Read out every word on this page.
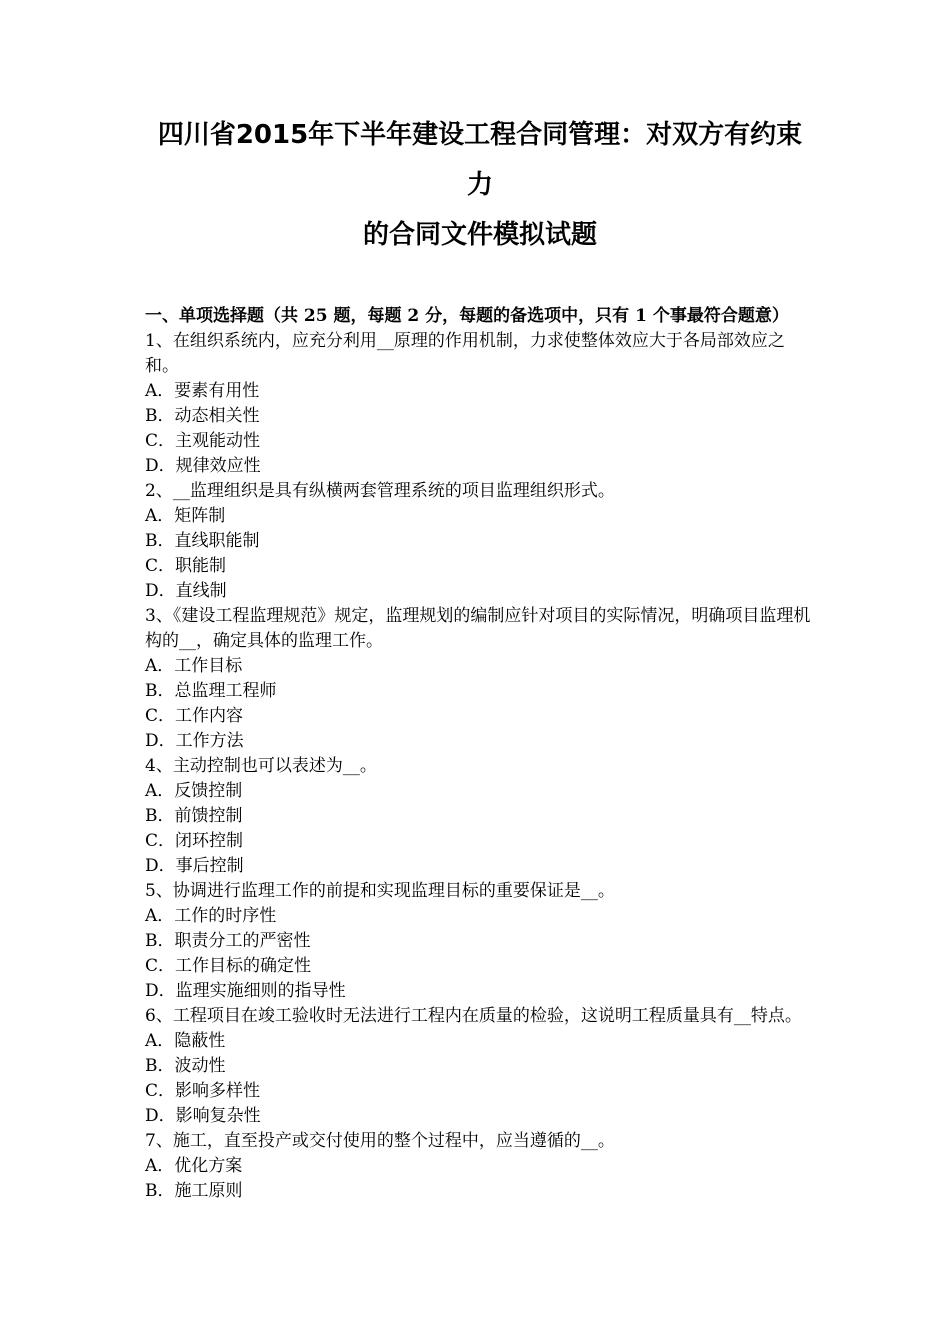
四川省2015年下半年建设工程合同管理：对双方有约束力
的合同文件模拟试题
一、单项选择题（共 25 题，每题 2 分，每题的备选项中，只有 1 个事最符合题意）
1、在组织系统内，应充分利用__原理的作用机制，力求使整体效应大于各局部效应之和。
A．要素有用性
B．动态相关性
C．主观能动性
D．规律效应性
2、__监理组织是具有纵横两套管理系统的项目监理组织形式。
A．矩阵制
B．直线职能制
C．职能制
D．直线制
3、《建设工程监理规范》规定，监理规划的编制应针对项目的实际情况，明确项目监理机构的__，确定具体的监理工作。
A．工作目标
B．总监理工程师
C．工作内容
D．工作方法
4、主动控制也可以表述为__。
A．反馈控制
B．前馈控制
C．闭环控制
D．事后控制
5、协调进行监理工作的前提和实现监理目标的重要保证是__。
A．工作的时序性
B．职责分工的严密性
C．工作目标的确定性
D．监理实施细则的指导性
6、工程项目在竣工验收时无法进行工程内在质量的检验，这说明工程质量具有__特点。
A．隐蔽性
B．波动性
C．影响多样性
D．影响复杂性
7、施工，直至投产或交付使用的整个过程中，应当遵循的__。
A．优化方案
B．施工原则
